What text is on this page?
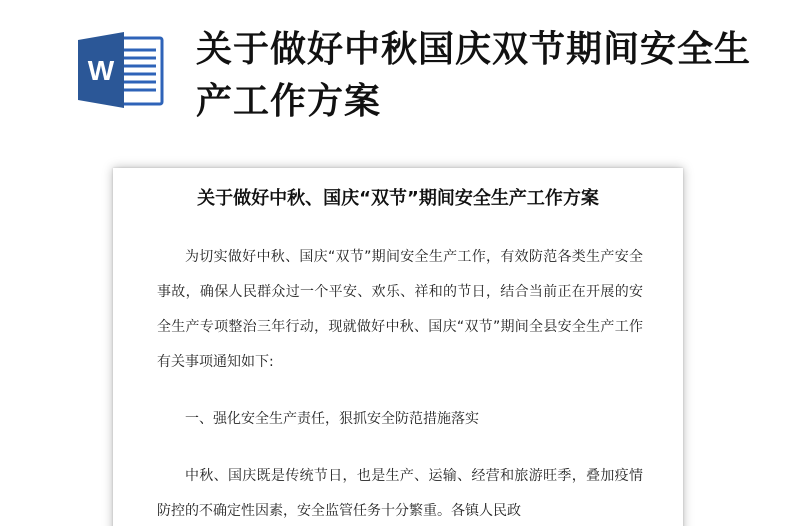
W
关于做好中秋国庆双节期间安全生产工作方案
关于做好中秋、国庆“双节”期间安全生产工作方案

为切实做好中秋、国庆“双节”期间安全生产工作，有效防范各类生产安全事故，确保人民群众过一个平安、欢乐、祥和的节日，结合当前正在开展的安全生产专项整治三年行动，现就做好中秋、国庆“双节”期间全县安全生产工作有关事项通知如下:

一、强化安全生产责任，狠抓安全防范措施落实

中秋、国庆既是传统节日，也是生产、运输、经营和旅游旺季，叠加疫情防控的不确定性因素，安全监管任务十分繁重。各镇人民政
